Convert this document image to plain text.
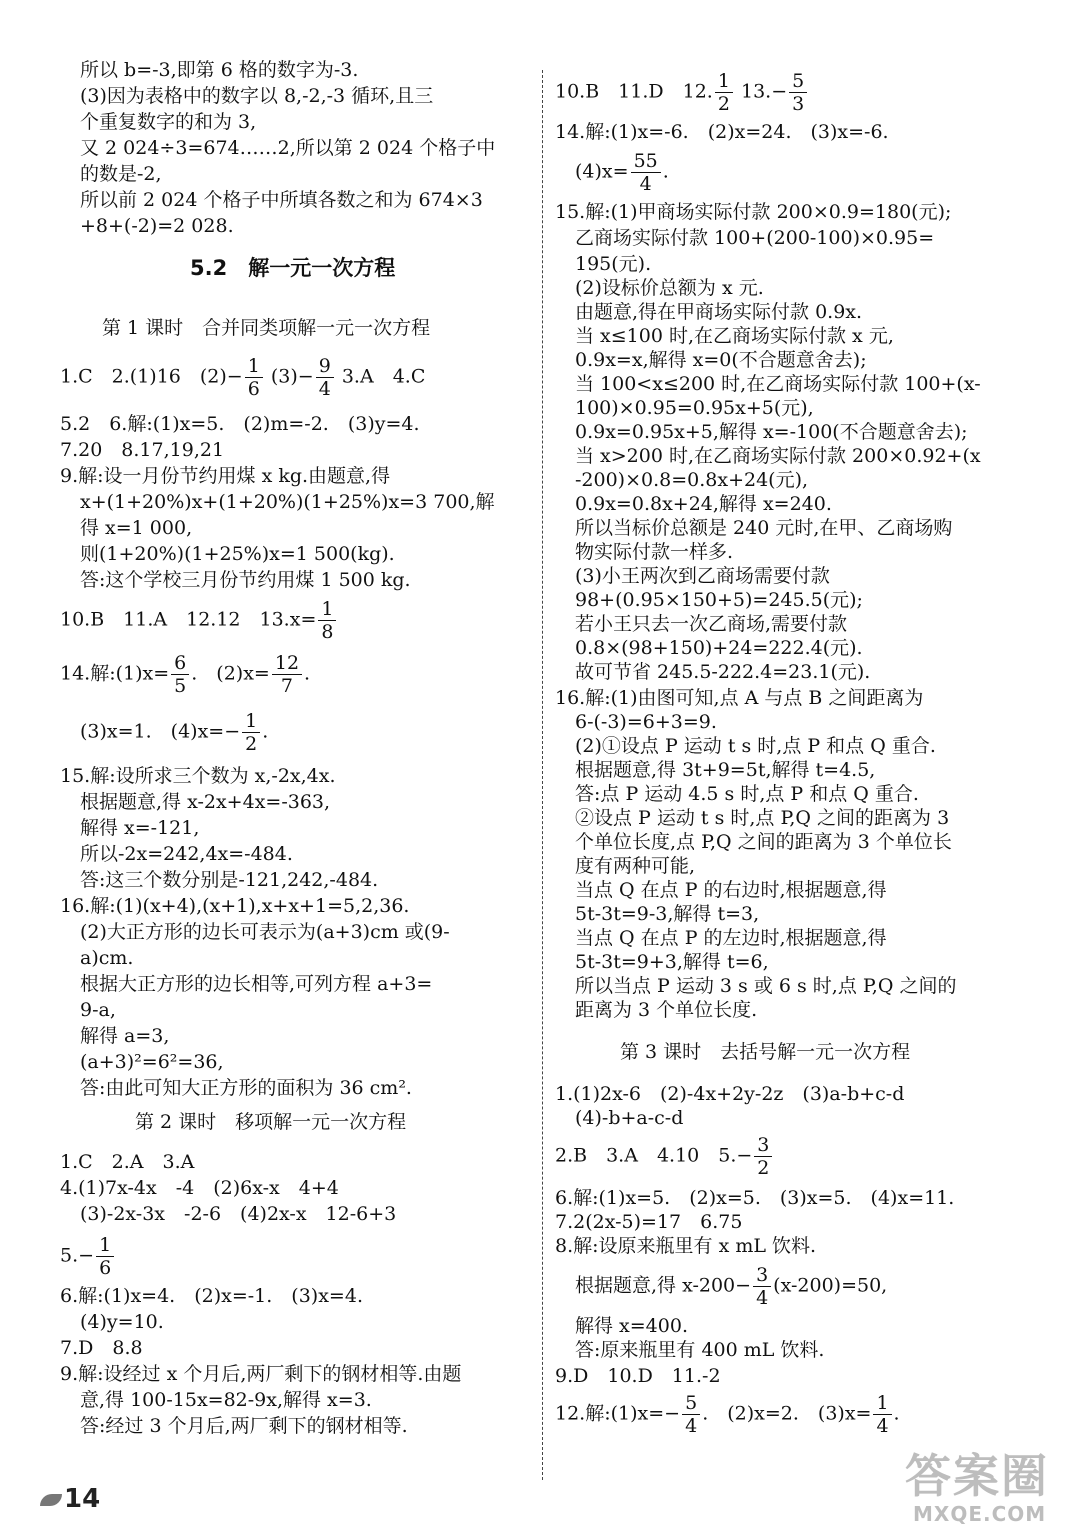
所以 b=-3,即第 6 格的数字为-3.
(3)因为表格中的数字以 8,-2,-3 循环,且三
个重复数字的和为 3,
又 2 024÷3=674……2,所以第 2 024 个格子中
的数是-2,
所以前 2 024 个格子中所填各数之和为 674×3
+8+(-2)=2 028.
5.2　解一元一次方程
第 1 课时　合并同类项解一元一次方程
1.C　2.(1)16　$(2)- \frac{1}{6} (3)- \frac{9}{4} 3.A$　4.C
5.2　6.解:(1)x=5.　(2)m=-2.　(3)y=4.
7.20　8.17,19,21
9.解:设一月份节约用煤 x kg.由题意,得
x+(1+20%)x+(1+20%)(1+25%)x=3 700,解
得 x=1 000,
则(1+20%)(1+25%)x=1 500(kg).
答:这个学校三月份节约用煤 1 500 kg.
10.B　11.A　12.12　$13.x= \frac{1}{8}$
14.解:(1)x= $\frac{6}{5}$ .　$(2)x= \frac{12}{7}$ .
(3)x=1.　$(4)x=- \frac{1}{2}$ .
15.解:设所求三个数为 x,-2x,4x.
根据题意,得 x-2x+4x=-363,
解得 x=-121,
所以-2x=242,4x=-484.
答:这三个数分别是-121,242,-484.
16.解:(1)(x+4),(x+1),x+x+1=5,2,36.
(2)大正方形的边长可表示为(a+3)cm 或(9-
a)cm.
根据大正方形的边长相等,可列方程 a+3=
9-a,
解得 a=3,
(a+3)²=6²=36,
答:由此可知大正方形的面积为 36 cm².
第 2 课时　移项解一元一次方程
1.C　2.A　3.A
4.(1)7x-4x　-4　(2)6x-x　4+4
(3)-2x-3x　-2-6　(4)2x-x　12-6+3
$5.- \frac{1}{6}$
6.解:(1)x=4.　(2)x=-1.　(3)x=4.
(4)y=10.
7.D　8.8
9.解:设经过 x 个月后,两厂剩下的钢材相等.由题
意,得 100-15x=82-9x,解得 x=3.
答:经过 3 个月后,两厂剩下的钢材相等.
10.B　11.D　12. $\frac{1}{2} 13.- \frac{5}{3}$
14.解:(1)x=-6.　(2)x=24.　(3)x=-6.
$(4)x= \frac{55}{4}$ .
15.解:(1)甲商场实际付款 200×0.9=180(元);
乙商场实际付款 100+(200-100)×0.95=
195(元).
(2)设标价总额为 x 元.
由题意,得在甲商场实际付款 0.9x.
当 x≤100 时,在乙商场实际付款 x 元,
0.9x=x,解得 x=0(不合题意舍去);
当 100<x≤200 时,在乙商场实际付款 100+(x-
100)×0.95=0.95x+5(元),
0.9x=0.95x+5,解得 x=-100(不合题意舍去);
当 x>200 时,在乙商场实际付款 200×0.92+(x
-200)×0.8=0.8x+24(元),
0.9x=0.8x+24,解得 x=240.
所以当标价总额是 240 元时,在甲、乙商场购
物实际付款一样多.
(3)小王两次到乙商场需要付款
98+(0.95×150+5)=245.5(元);
若小王只去一次乙商场,需要付款
0.8×(98+150)+24=222.4(元).
故可节省 245.5-222.4=23.1(元).
16.解:(1)由图可知,点 A 与点 B 之间距离为
6-(-3)=6+3=9.
(2)①设点 P 运动 t s 时,点 P 和点 Q 重合.
根据题意,得 3t+9=5t,解得 t=4.5,
答:点 P 运动 4.5 s 时,点 P 和点 Q 重合.
②设点 P 运动 t s 时,点 P,Q 之间的距离为 3
个单位长度,点 P,Q 之间的距离为 3 个单位长
度有两种可能,
当点 Q 在点 P 的右边时,根据题意,得
5t-3t=9-3,解得 t=3,
当点 Q 在点 P 的左边时,根据题意,得
5t-3t=9+3,解得 t=6,
所以当点 P 运动 3 s 或 6 s 时,点 P,Q 之间的
距离为 3 个单位长度.
第 3 课时　去括号解一元一次方程
1.(1)2x-6　(2)-4x+2y-2z　(3)a-b+c-d
(4)-b+a-c-d
2.B　3.A　4.10　$5.- \frac{3}{2}$
6.解:(1)x=5.　(2)x=5.　(3)x=5.　(4)x=11.
7.2(2x-5)=17　6.75
8.解:设原来瓶里有 x mL 饮料.
根据题意,得 $x-200- \frac{3}{4} (x-200)=50$,
解得 x=400.
答:原来瓶里有 400 mL 饮料.
9.D　10.D　11.-2
12.解:(1)x=− $\frac{5}{4}$ .　(2)x=2.　$(3)x= \frac{1}{4}$ .
14	答案圈
MXQE.COM
